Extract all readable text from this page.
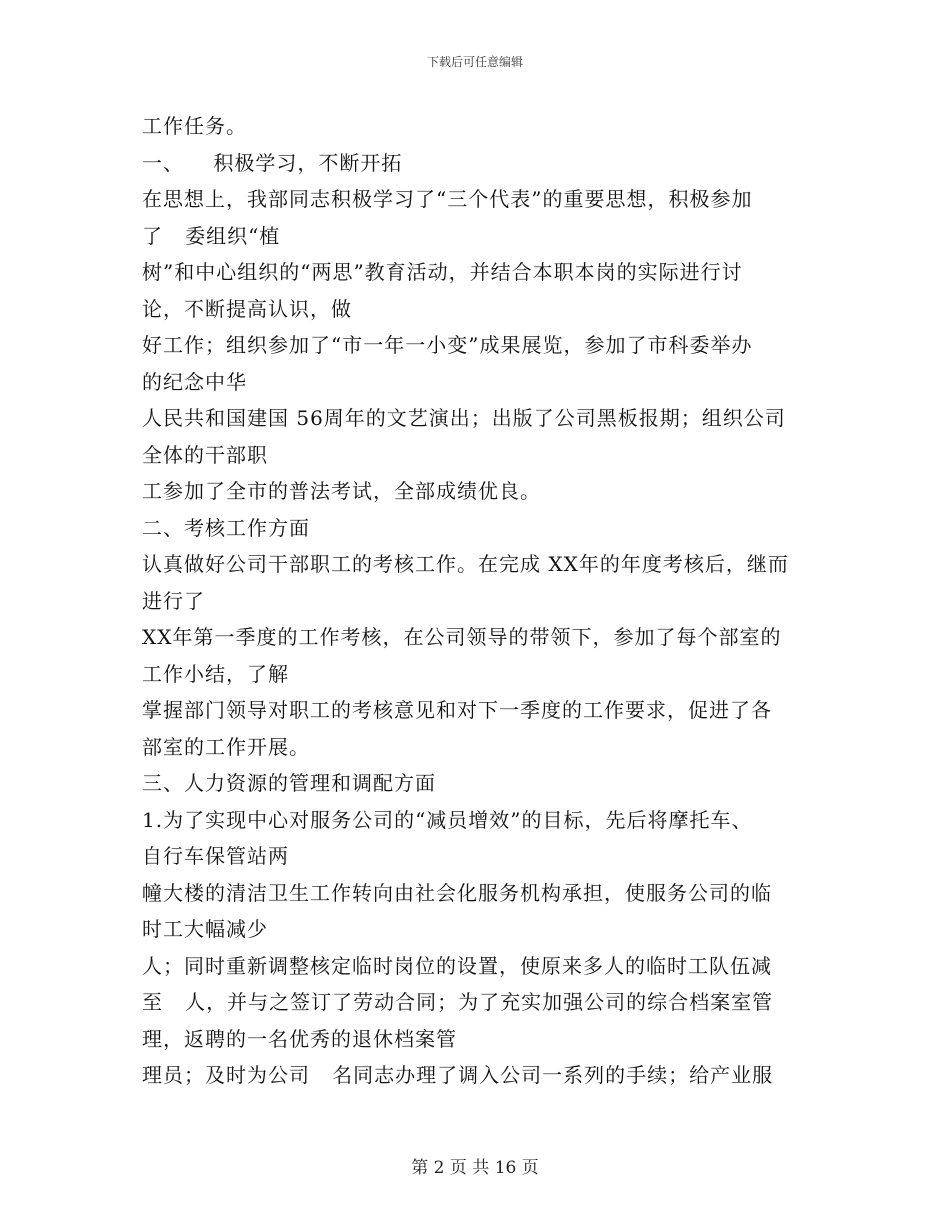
下载后可任意编辑
工作任务。
一、    积极学习，不断开拓
在思想上，我部同志积极学习了“三个代表”的重要思想，积极参加
了   委组织“植
树”和中心组织的“两思”教育活动，并结合本职本岗的实际进行讨
论，不断提高认识，做
好工作；组织参加了“市一年一小变”成果展览，参加了市科委举办
的纪念中华
人民共和国建国 56周年的文艺演出；出版了公司黑板报期；组织公司
全体的干部职
工参加了全市的普法考试，全部成绩优良。
二、考核工作方面
认真做好公司干部职工的考核工作。在完成 XX年的年度考核后，继而
进行了
XX年第一季度的工作考核，在公司领导的带领下，参加了每个部室的
工作小结，了解
掌握部门领导对职工的考核意见和对下一季度的工作要求，促进了各
部室的工作开展。
三、人力资源的管理和调配方面
1.为了实现中心对服务公司的“减员增效”的目标，先后将摩托车、
自行车保管站两
幢大楼的清洁卫生工作转向由社会化服务机构承担，使服务公司的临
时工大幅减少
人；同时重新调整核定临时岗位的设置，使原来多人的临时工队伍减
至   人，并与之签订了劳动合同；为了充实加强公司的综合档案室管
理，返聘的一名优秀的退休档案管
理员；及时为公司   名同志办理了调入公司一系列的手续；给产业服
第 2 页 共 16 页
